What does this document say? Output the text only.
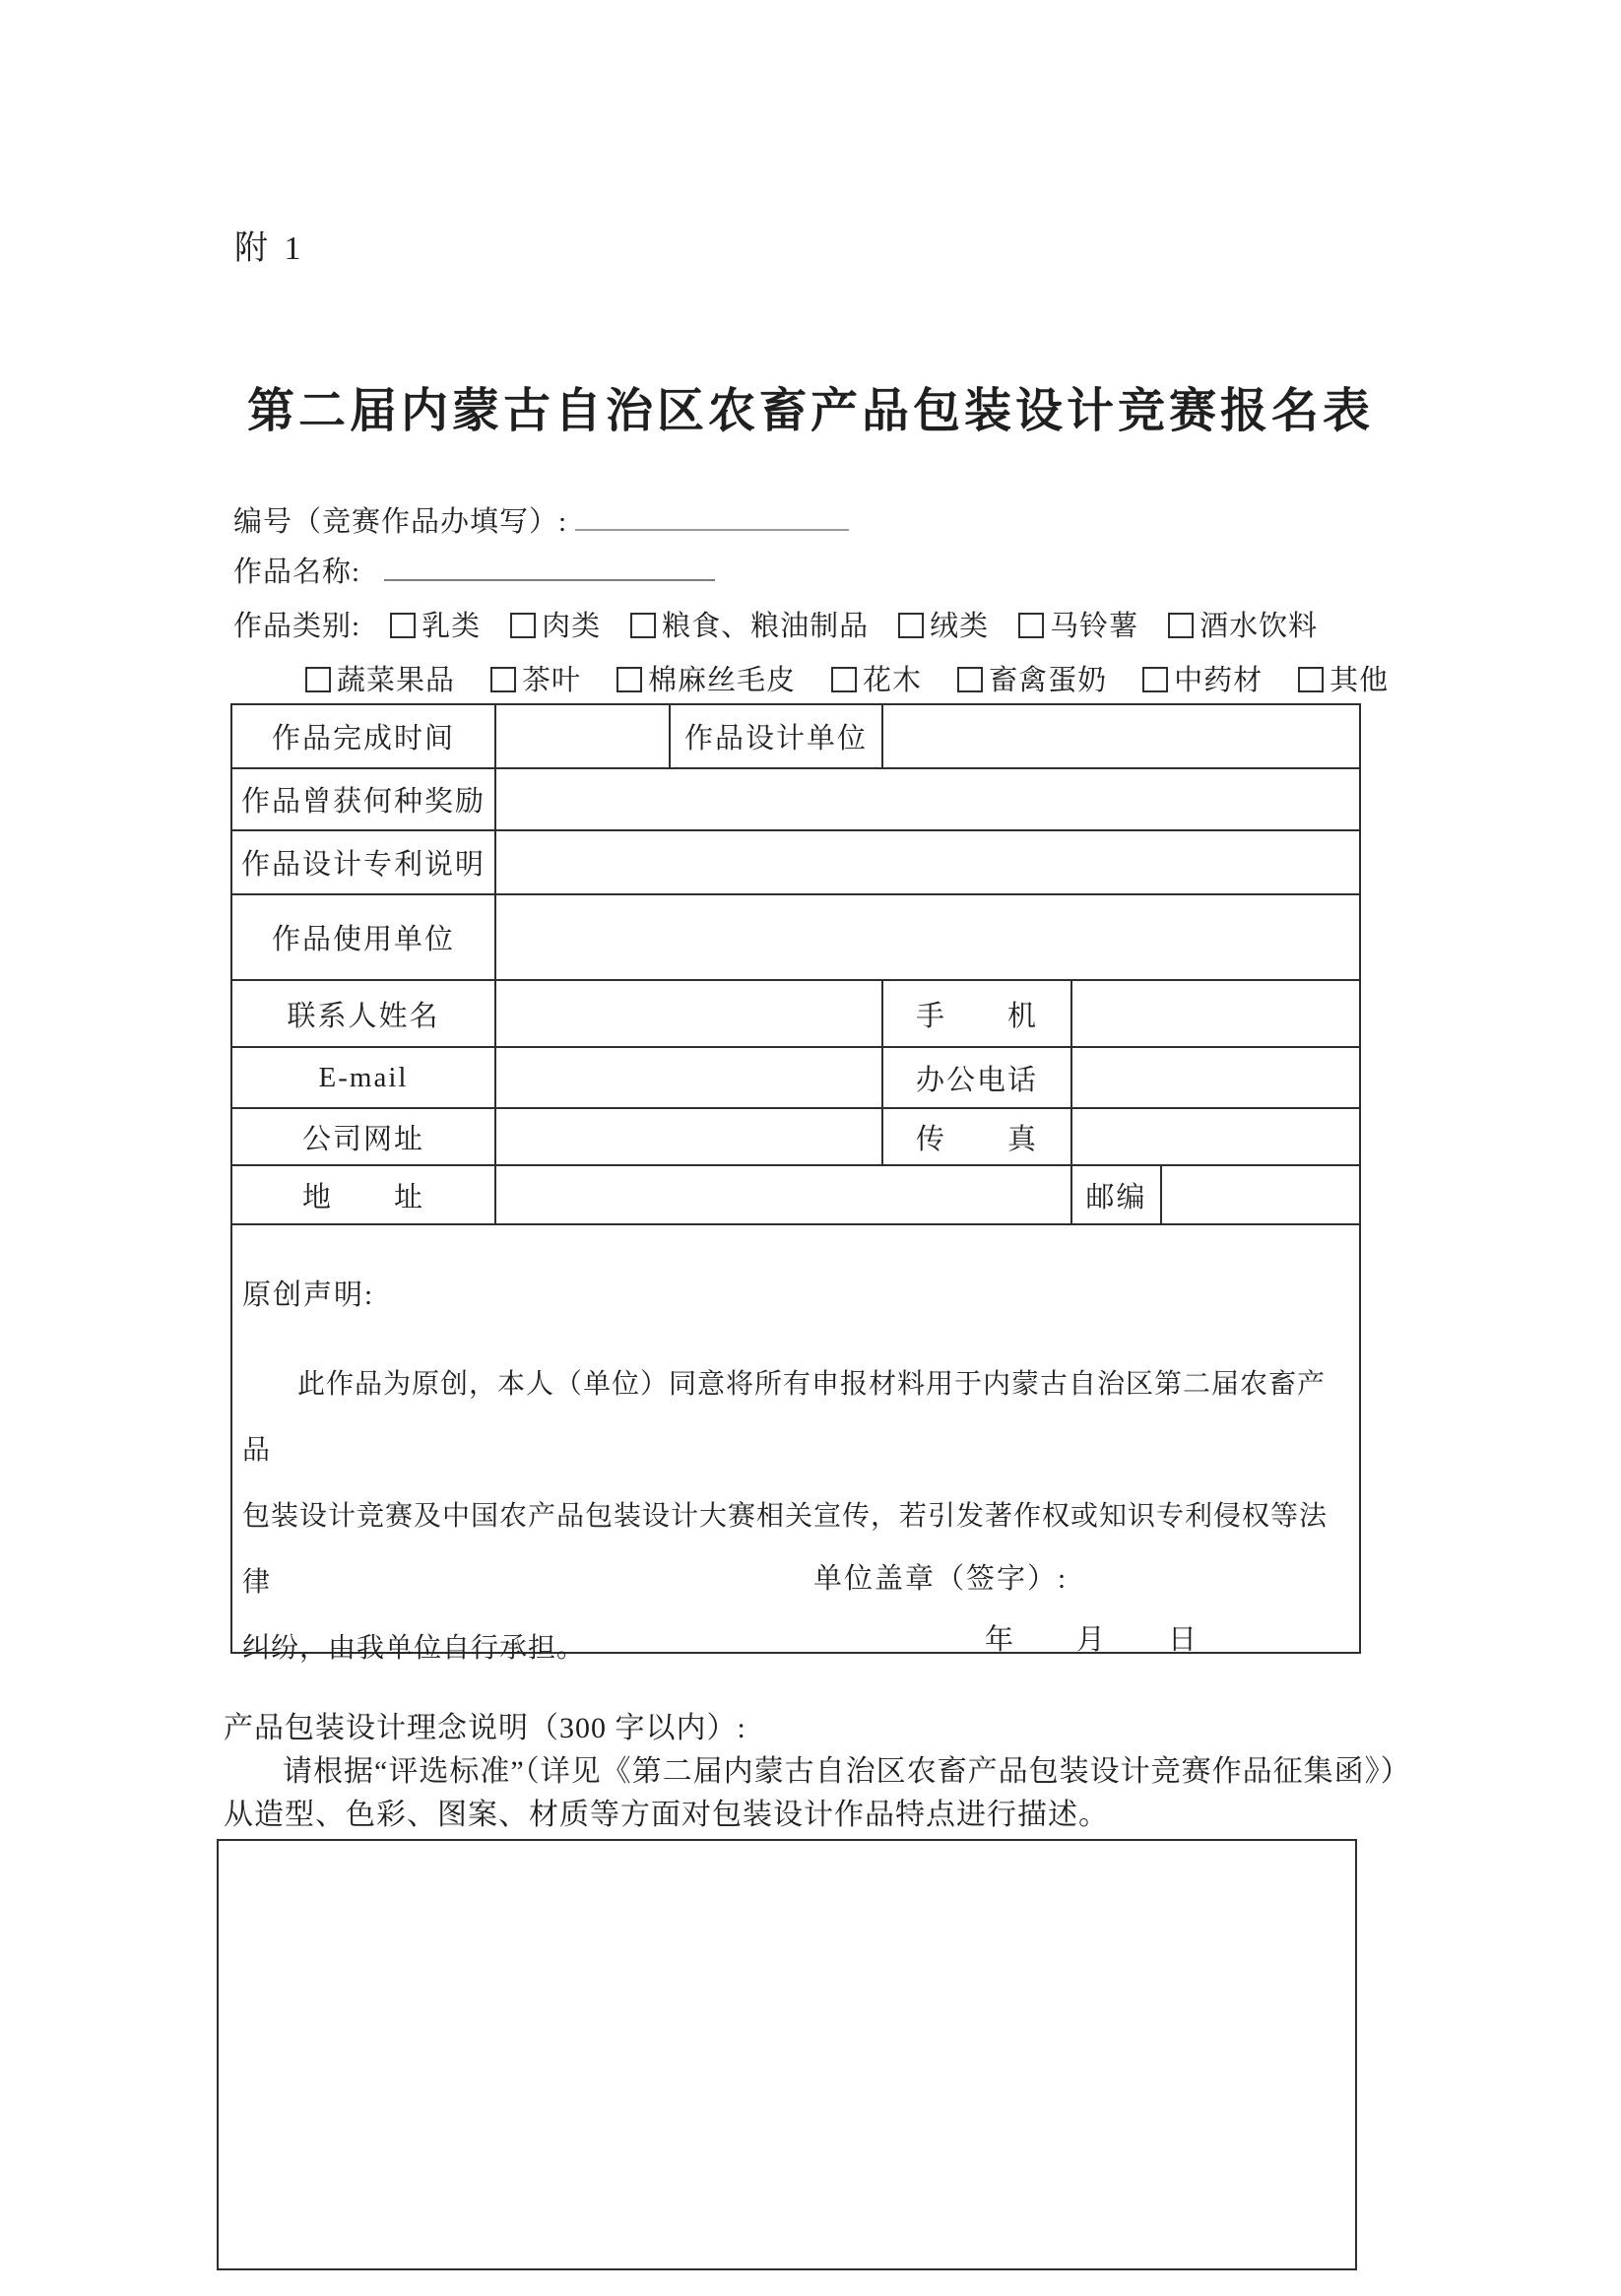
附 1
第二届内蒙古自治区农畜产品包装设计竞赛报名表
编号（竞赛作品办填写）:
作品名称:
作品类别:	乳类	肉类	粮食、粮油制品	绒类	马铃薯	酒水饮料
蔬菜果品	茶叶	棉麻丝毛皮	花木	畜禽蛋奶	中药材	其他
作品完成时间	作品设计单位
作品曾获何种奖励
作品设计专利说明
作品使用单位
联系人姓名	手　　机
E-mail	办公电话
公司网址	传　　真
地　　址	邮编
原创声明:
此作品为原创，本人（单位）同意将所有申报材料用于内蒙古自治区第二届农畜产品
包装设计竞赛及中国农产品包装设计大赛相关宣传，若引发著作权或知识专利侵权等法律
纠纷，由我单位自行承担。
单位盖章（签字）:
年　　月　　日
产品包装设计理念说明（300 字以内）:
请根据“评选标准”（详见《第二届内蒙古自治区农畜产品包装设计竞赛作品征集函》）
从造型、色彩、图案、材质等方面对包装设计作品特点进行描述。
